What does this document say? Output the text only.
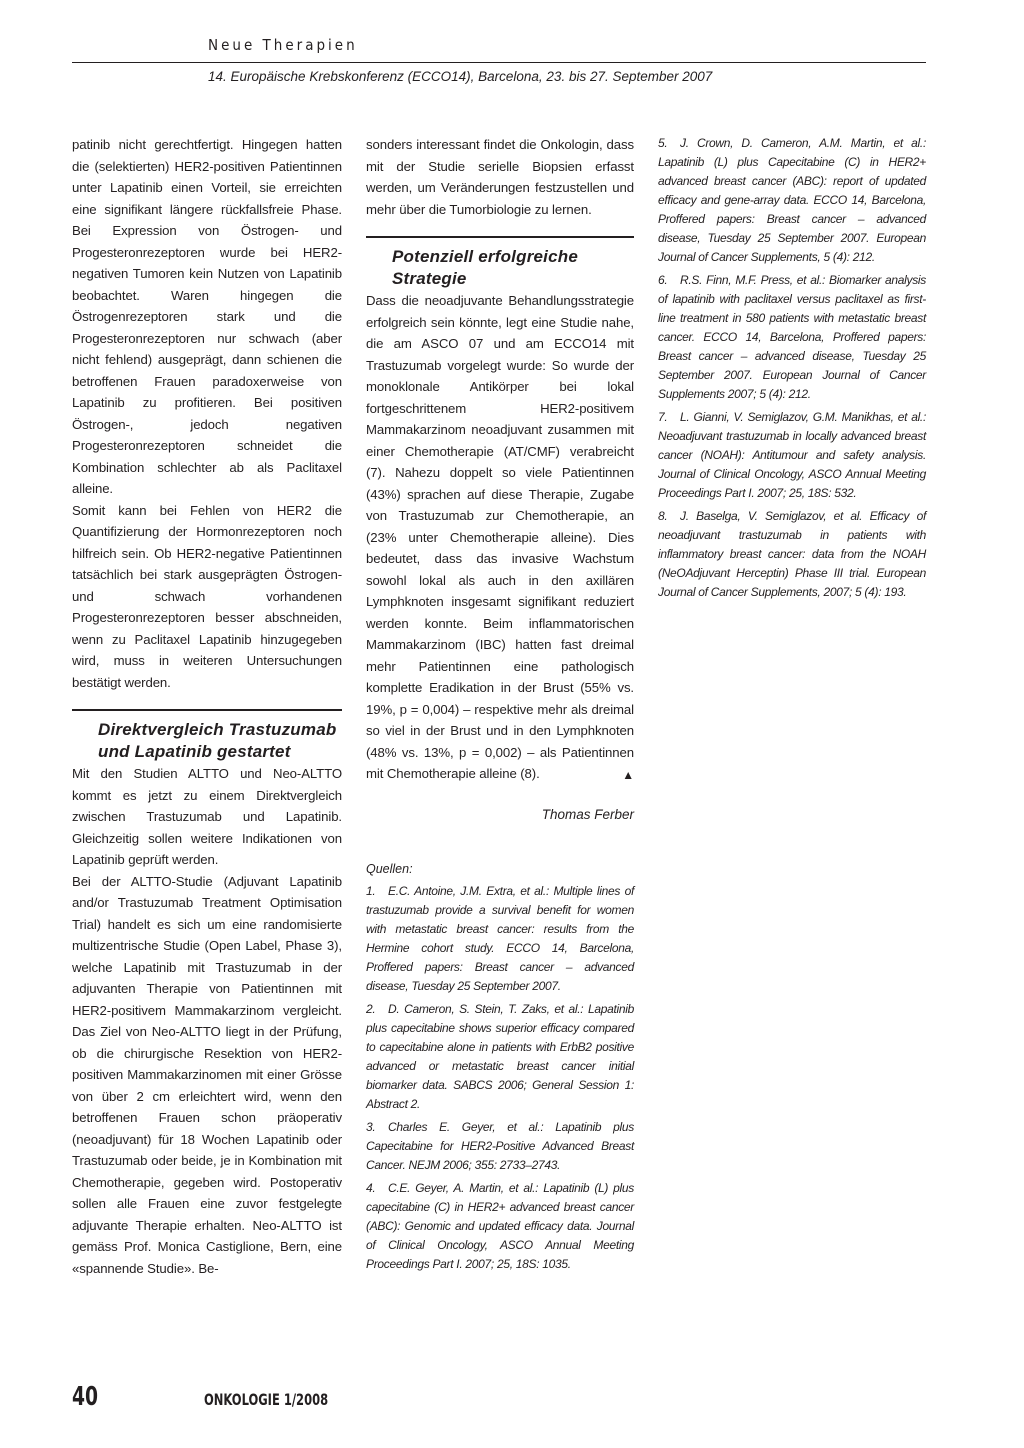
Neue Therapien
14. Europäische Krebskonferenz (ECCO14), Barcelona, 23. bis 27. September 2007

patinib nicht gerechtfertigt. Hingegen hatten die (selektierten) HER2-positiven Patientinnen unter Lapatinib einen Vorteil, sie erreichten eine signifikant längere rückfallsfreie Phase. Bei Expression von Östrogen- und Progesteronrezeptoren wurde bei HER2-negativen Tumoren kein Nutzen von Lapatinib beobachtet. Waren hingegen die Östrogenrezeptoren stark und die Progesteronrezeptoren nur schwach (aber nicht fehlend) ausgeprägt, dann schienen die betroffenen Frauen paradoxerweise von Lapatinib zu profitieren. Bei positiven Östrogen-, jedoch negativen Progesteronrezeptoren schneidet die Kombination schlechter ab als Paclitaxel alleine.

Somit kann bei Fehlen von HER2 die Quantifizierung der Hormonrezeptoren noch hilfreich sein. Ob HER2-negative Patientinnen tatsächlich bei stark ausgeprägten Östrogen- und schwach vorhandenen Progesteronrezeptoren besser abschneiden, wenn zu Paclitaxel Lapatinib hinzugegeben wird, muss in weiteren Untersuchungen bestätigt werden.

Direktvergleich Trastuzumab und Lapatinib gestartet

Mit den Studien ALTTO und Neo-ALTTO kommt es jetzt zu einem Direktvergleich zwischen Trastuzumab und Lapatinib. Gleichzeitig sollen weitere Indikationen von Lapatinib geprüft werden.

Bei der ALTTO-Studie (Adjuvant Lapatinib and/or Trastuzumab Treatment Optimisation Trial) handelt es sich um eine randomisierte multizentrische Studie (Open Label, Phase 3), welche Lapatinib mit Trastuzumab in der adjuvanten Therapie von Patientinnen mit HER2-positivem Mammakarzinom vergleicht. Das Ziel von Neo-ALTTO liegt in der Prüfung, ob die chirurgische Resektion von HER2-positiven Mammakarzinomen mit einer Grösse von über 2 cm erleichtert wird, wenn den betroffenen Frauen schon präoperativ (neoadjuvant) für 18 Wochen Lapatinib oder Trastuzumab oder beide, je in Kombination mit Chemotherapie, gegeben wird. Postoperativ sollen alle Frauen eine zuvor festgelegte adjuvante Therapie erhalten. Neo-ALTTO ist gemäss Prof. Monica Castiglione, Bern, eine «spannende Studie». Be-

sonders interessant findet die Onkologin, dass mit der Studie serielle Biopsien erfasst werden, um Veränderungen festzustellen und mehr über die Tumorbiologie zu lernen.

Potenziell erfolgreiche Strategie

Dass die neoadjuvante Behandlungsstrategie erfolgreich sein könnte, legt eine Studie nahe, die am ASCO 07 und am ECCO14 mit Trastuzumab vorgelegt wurde: So wurde der monoklonale Antikörper bei lokal fortgeschrittenem HER2-positivem Mammakarzinom neoadjuvant zusammen mit einer Chemotherapie (AT/CMF) verabreicht (7). Nahezu doppelt so viele Patientinnen (43%) sprachen auf diese Therapie, Zugabe von Trastuzumab zur Chemotherapie, an (23% unter Chemotherapie alleine). Dies bedeutet, dass das invasive Wachstum sowohl lokal als auch in den axillären Lymphknoten insgesamt signifikant reduziert werden konnte. Beim inflammatorischen Mammakarzinom (IBC) hatten fast dreimal mehr Patientinnen eine pathologisch komplette Eradikation in der Brust (55% vs. 19%, p = 0,004) – respektive mehr als dreimal so viel in der Brust und in den Lymphknoten (48% vs. 13%, p = 0,002) – als Patientinnen mit Chemotherapie alleine (8).	▲

Thomas Ferber
Quellen:

1. E.C. Antoine, J.M. Extra, et al.: Multiple lines of trastuzumab provide a survival benefit for women with metastatic breast cancer: results from the Hermine cohort study. ECCO 14, Barcelona, Proffered papers: Breast cancer – advanced disease, Tuesday 25 September 2007.

2. D. Cameron, S. Stein, T. Zaks, et al.: Lapatinib plus capecitabine shows superior efficacy compared to capecitabine alone in patients with ErbB2 positive advanced or metastatic breast cancer initial biomarker data. SABCS 2006; General Session 1: Abstract 2.

3. Charles E. Geyer, et al.: Lapatinib plus Capecitabine for HER2-Positive Advanced Breast Cancer. NEJM 2006; 355: 2733–2743.

4. C.E. Geyer, A. Martin, et al.: Lapatinib (L) plus capecitabine (C) in HER2+ advanced breast cancer (ABC): Genomic and updated efficacy data. Journal of Clinical Oncology, ASCO Annual Meeting Proceedings Part I. 2007; 25, 18S: 1035.

5. J. Crown, D. Cameron, A.M. Martin, et al.: Lapatinib (L) plus Capecitabine (C) in HER2+ advanced breast cancer (ABC): report of updated efficacy and gene-array data. ECCO 14, Barcelona, Proffered papers: Breast cancer – advanced disease, Tuesday 25 September 2007. European Journal of Cancer Supplements, 5 (4): 212.

6. R.S. Finn, M.F. Press, et al.: Biomarker analysis of lapatinib with paclitaxel versus paclitaxel as first-line treatment in 580 patients with metastatic breast cancer. ECCO 14, Barcelona, Proffered papers: Breast cancer – advanced disease, Tuesday 25 September 2007. European Journal of Cancer Supplements 2007; 5 (4): 212.

7. L. Gianni, V. Semiglazov, G.M. Manikhas, et al.: Neoadjuvant trastuzumab in locally advanced breast cancer (NOAH): Antitumour and safety analysis. Journal of Clinical Oncology, ASCO Annual Meeting Proceedings Part I. 2007; 25, 18S: 532.

8. J. Baselga, V. Semiglazov, et al. Efficacy of neoadjuvant trastuzumab in patients with inflammatory breast cancer: data from the NOAH (NeOAdjuvant Herceptin) Phase III trial. European Journal of Cancer Supplements, 2007; 5 (4): 193.

40	ONKOLOGIE 1/2008
